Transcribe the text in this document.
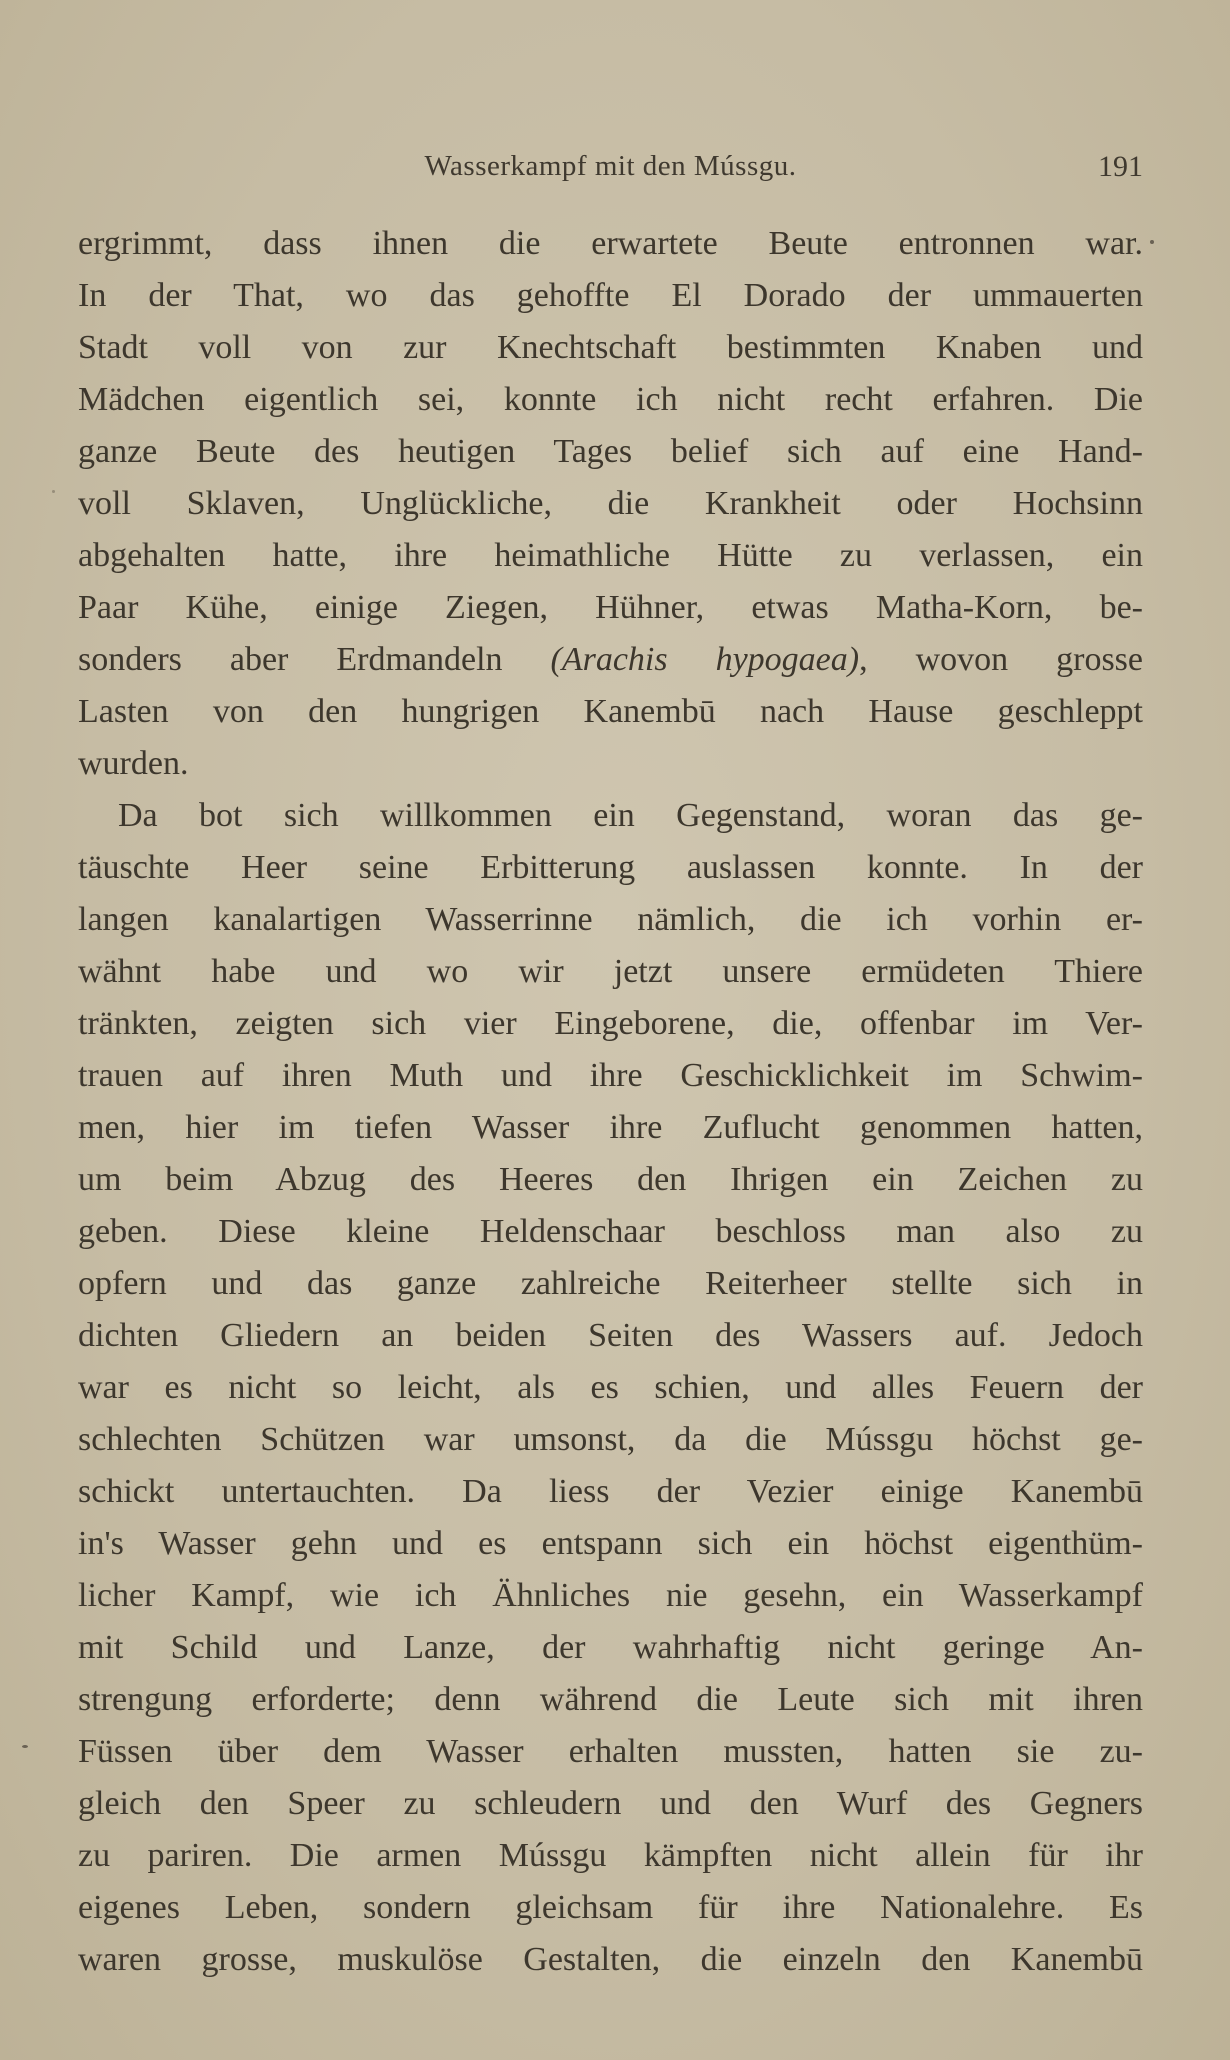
Wasserkampf mit den Mússgu.	191
ergrimmt, dass ihnen die erwartete Beute entronnen war.
In der That, wo das gehoffte El Dorado der ummauerten
Stadt voll von zur Knechtschaft bestimmten Knaben und
Mädchen eigentlich sei, konnte ich nicht recht erfahren. Die
ganze Beute des heutigen Tages belief sich auf eine Hand-
voll Sklaven, Unglückliche, die Krankheit oder Hochsinn
abgehalten hatte, ihre heimathliche Hütte zu verlassen, ein
Paar Kühe, einige Ziegen, Hühner, etwas Matha-Korn, be-
sonders aber Erdmandeln (Arachis hypogaea), wovon grosse
Lasten von den hungrigen Kanembū nach Hause geschleppt
wurden.
Da bot sich willkommen ein Gegenstand, woran das ge-
täuschte Heer seine Erbitterung auslassen konnte. In der
langen kanalartigen Wasserrinne nämlich, die ich vorhin er-
wähnt habe und wo wir jetzt unsere ermüdeten Thiere
tränkten, zeigten sich vier Eingeborene, die, offenbar im Ver-
trauen auf ihren Muth und ihre Geschicklichkeit im Schwim-
men, hier im tiefen Wasser ihre Zuflucht genommen hatten,
um beim Abzug des Heeres den Ihrigen ein Zeichen zu
geben. Diese kleine Heldenschaar beschloss man also zu
opfern und das ganze zahlreiche Reiterheer stellte sich in
dichten Gliedern an beiden Seiten des Wassers auf. Jedoch
war es nicht so leicht, als es schien, und alles Feuern der
schlechten Schützen war umsonst, da die Mússgu höchst ge-
schickt untertauchten. Da liess der Vezier einige Kanembū
in's Wasser gehn und es entspann sich ein höchst eigenthüm-
licher Kampf, wie ich Ähnliches nie gesehn, ein Wasserkampf
mit Schild und Lanze, der wahrhaftig nicht geringe An-
strengung erforderte; denn während die Leute sich mit ihren
Füssen über dem Wasser erhalten mussten, hatten sie zu-
gleich den Speer zu schleudern und den Wurf des Gegners
zu pariren. Die armen Mússgu kämpften nicht allein für ihr
eigenes Leben, sondern gleichsam für ihre Nationalehre. Es
waren grosse, muskulöse Gestalten, die einzeln den Kanembū
